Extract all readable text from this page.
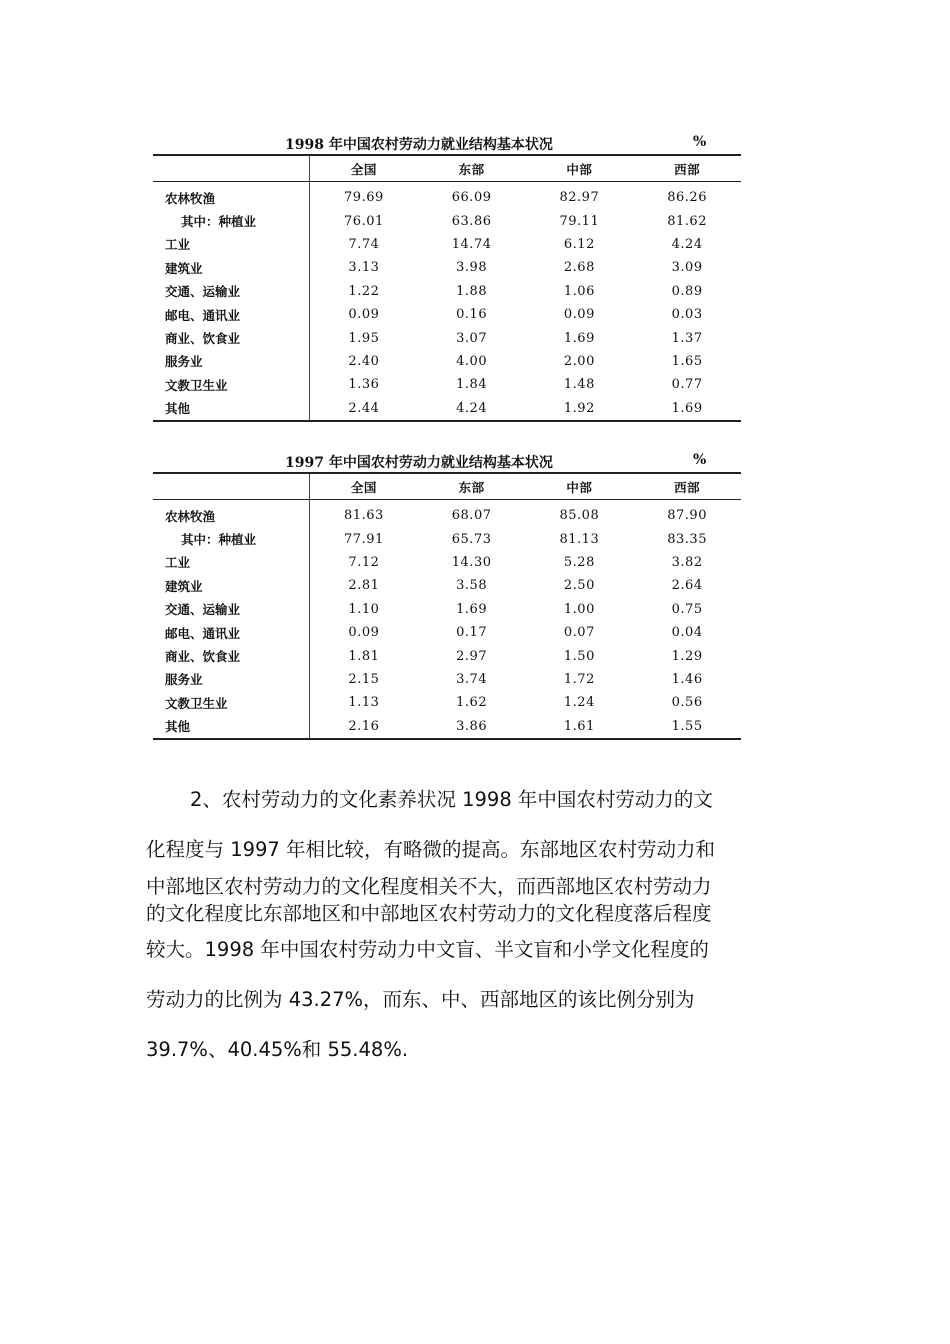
1998 年中国农村劳动力就业结构基本状况	%
	全国	东部	中部	西部
农林牧渔	79.69	66.09	82.97	86.26
其中：种植业	76.01	63.86	79.11	81.62
工业	7.74	14.74	6.12	4.24
建筑业	3.13	3.98	2.68	3.09
交通、运输业	1.22	1.88	1.06	0.89
邮电、通讯业	0.09	0.16	0.09	0.03
商业、饮食业	1.95	3.07	1.69	1.37
服务业	2.40	4.00	2.00	1.65
文教卫生业	1.36	1.84	1.48	0.77
其他	2.44	4.24	1.92	1.69
1997 年中国农村劳动力就业结构基本状况	%
	全国	东部	中部	西部
农林牧渔	81.63	68.07	85.08	87.90
其中：种植业	77.91	65.73	81.13	83.35
工业	7.12	14.30	5.28	3.82
建筑业	2.81	3.58	2.50	2.64
交通、运输业	1.10	1.69	1.00	0.75
邮电、通讯业	0.09	0.17	0.07	0.04
商业、饮食业	1.81	2.97	1.50	1.29
服务业	2.15	3.74	1.72	1.46
文教卫生业	1.13	1.62	1.24	0.56
其他	2.16	3.86	1.61	1.55
2、农村劳动力的文化素养状况 1998 年中国农村劳动力的文
化程度与 1997 年相比较，有略微的提高。东部地区农村劳动力和
中部地区农村劳动力的文化程度相关不大，而西部地区农村劳动力
的文化程度比东部地区和中部地区农村劳动力的文化程度落后程度
较大。1998 年中国农村劳动力中文盲、半文盲和小学文化程度的
劳动力的比例为 43.27%，而东、中、西部地区的该比例分别为
39.7%、40.45%和 55.48%.
